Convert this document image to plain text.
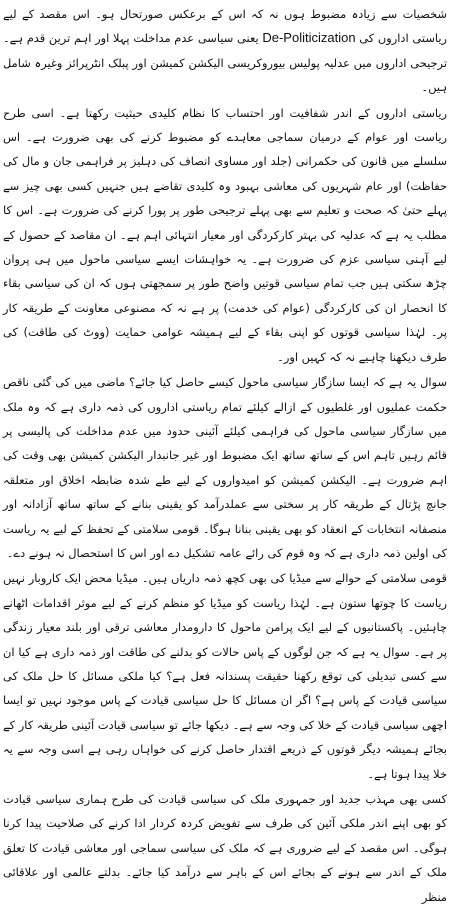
شخصیات سے زیادہ مضبوط ہوں نہ کہ اس کے برعکس صورتحال ہو۔ اس مقصد کے لیے ریاستی اداروں کی De-Politicization یعنی سیاسی عدم مداخلت پہلا اور اہم ترین قدم ہے۔ ترجیحی اداروں میں عدلیہ پولیس بیوروکریسی الیکشن کمیشن اور پبلک انٹرپرائز وغیرہ شامل ہیں۔

ریاستی اداروں کے اندر شفافیت اور احتساب کا نظام کلیدی حیثیت رکھتا ہے۔ اسی طرح ریاست اور عوام کے درمیان سماجی معاہدے کو مضبوط کرنے کی بھی ضرورت ہے۔ اس سلسلے میں قانون کی حکمرانی (جلد اور مساوی انصاف کی دہلیز پر فراہمی جان و مال کی حفاظت) اور عام شہریوں کی معاشی بہبود وہ کلیدی تقاضے ہیں جنہیں کسی بھی چیز سے پہلے حتیٰ کہ صحت و تعلیم سے بھی پہلے ترجیحی طور پر پورا کرنے کی ضرورت ہے۔ اس کا مطلب یہ ہے کہ عدلیہ کی بہتر کارکردگی اور معیار انتہائی اہم ہے۔ ان مقاصد کے حصول کے لیے آہنی سیاسی عزم کی ضرورت ہے۔ یہ خواہشات ایسے سیاسی ماحول میں ہی پروان چڑھ سکتی ہیں جب تمام سیاسی قوتیں واضح طور پر سمجھتی ہوں کہ ان کی سیاسی بقاء کا انحصار ان کی کارکردگی (عوام کی خدمت) پر ہے نہ کہ مصنوعی معاونت کے طریقہ کار پر۔ لہٰذا سیاسی قوتوں کو اپنی بقاء کے لیے ہمیشہ عوامی حمایت (ووٹ کی طاقت) کی طرف دیکھنا چاہیے نہ کہ کہیں اور۔

سوال یہ ہے کہ ایسا سازگار سیاسی ماحول کیسے حاصل کیا جائے؟ ماضی میں کی گئی ناقص حکمت عملیوں اور غلطیوں کے ازالے کیلئے تمام ریاستی اداروں کی ذمہ داری ہے کہ وہ ملک میں سازگار سیاسی ماحول کی فراہمی کیلئے آئینی حدود میں عدم مداخلت کی پالیسی پر قائم رہیں تاہم اس کے ساتھ ساتھ ایک مضبوط اور غیر جانبدار الیکشن کمیشن بھی وقت کی اہم ضرورت ہے۔ الیکشن کمیشن کو امیدواروں کے لیے طے شدہ ضابطہ اخلاق اور متعلقہ جانچ پڑتال کے طریقہ کار پر سختی سے عملدرآمد کو یقینی بنانے کے ساتھ ساتھ آزادانہ اور منصفانہ انتخابات کے انعقاد کو بھی یقینی بنانا ہوگا۔ قومی سلامتی کے تحفظ کے لیے یہ ریاست کی اولین ذمہ داری ہے کہ وہ قوم کی رائے عامہ تشکیل دے اور اس کا استحصال نہ ہونے دے۔

قومی سلامتی کے حوالے سے میڈیا کی بھی کچھ ذمہ داریاں ہیں۔ میڈیا محض ایک کاروبار نہیں ریاست کا چوتھا ستون ہے۔ لہٰذا ریاست کو میڈیا کو منظم کرنے کے لیے موثر اقدامات اٹھانے چاہئیں۔ پاکستانیوں کے لیے ایک پرامن ماحول کا دارومدار معاشی ترقی اور بلند معیار زندگی پر ہے۔ سوال یہ ہے کہ جن لوگوں کے پاس حالات کو بدلنے کی طاقت اور ذمہ داری ہے کیا ان سے کسی تبدیلی کی توقع رکھنا حقیقت پسندانہ فعل ہے؟ کیا ملکی مسائل کا حل ملک کی سیاسی قیادت کے پاس ہے؟ اگر ان مسائل کا حل سیاسی قیادت کے پاس موجود نہیں تو ایسا اچھی سیاسی قیادت کے خلا کی وجہ سے ہے۔ دیکھا جائے تو سیاسی قیادت آئینی طریقہ کار کے بجائے ہمیشہ دیگر قوتوں کے ذریعے اقتدار حاصل کرنے کی خواہاں رہی ہے اسی وجہ سے یہ خلا پیدا ہوتا ہے۔

کسی بھی مہذب جدید اور جمہوری ملک کی سیاسی قیادت کی طرح ہماری سیاسی قیادت کو بھی اپنے اندر ملکی آئین کی طرف سے تفویض کردہ کردار ادا کرنے کی صلاحیت پیدا کرنا ہوگی۔ اس مقصد کے لیے ضروری ہے کہ ملک کی سیاسی سماجی اور معاشی قیادت کا تعلق ملک کے اندر سے ہونے کے بجائے اس کے باہر سے درآمد کیا جائے۔ بدلتے عالمی اور علاقائی منظر
